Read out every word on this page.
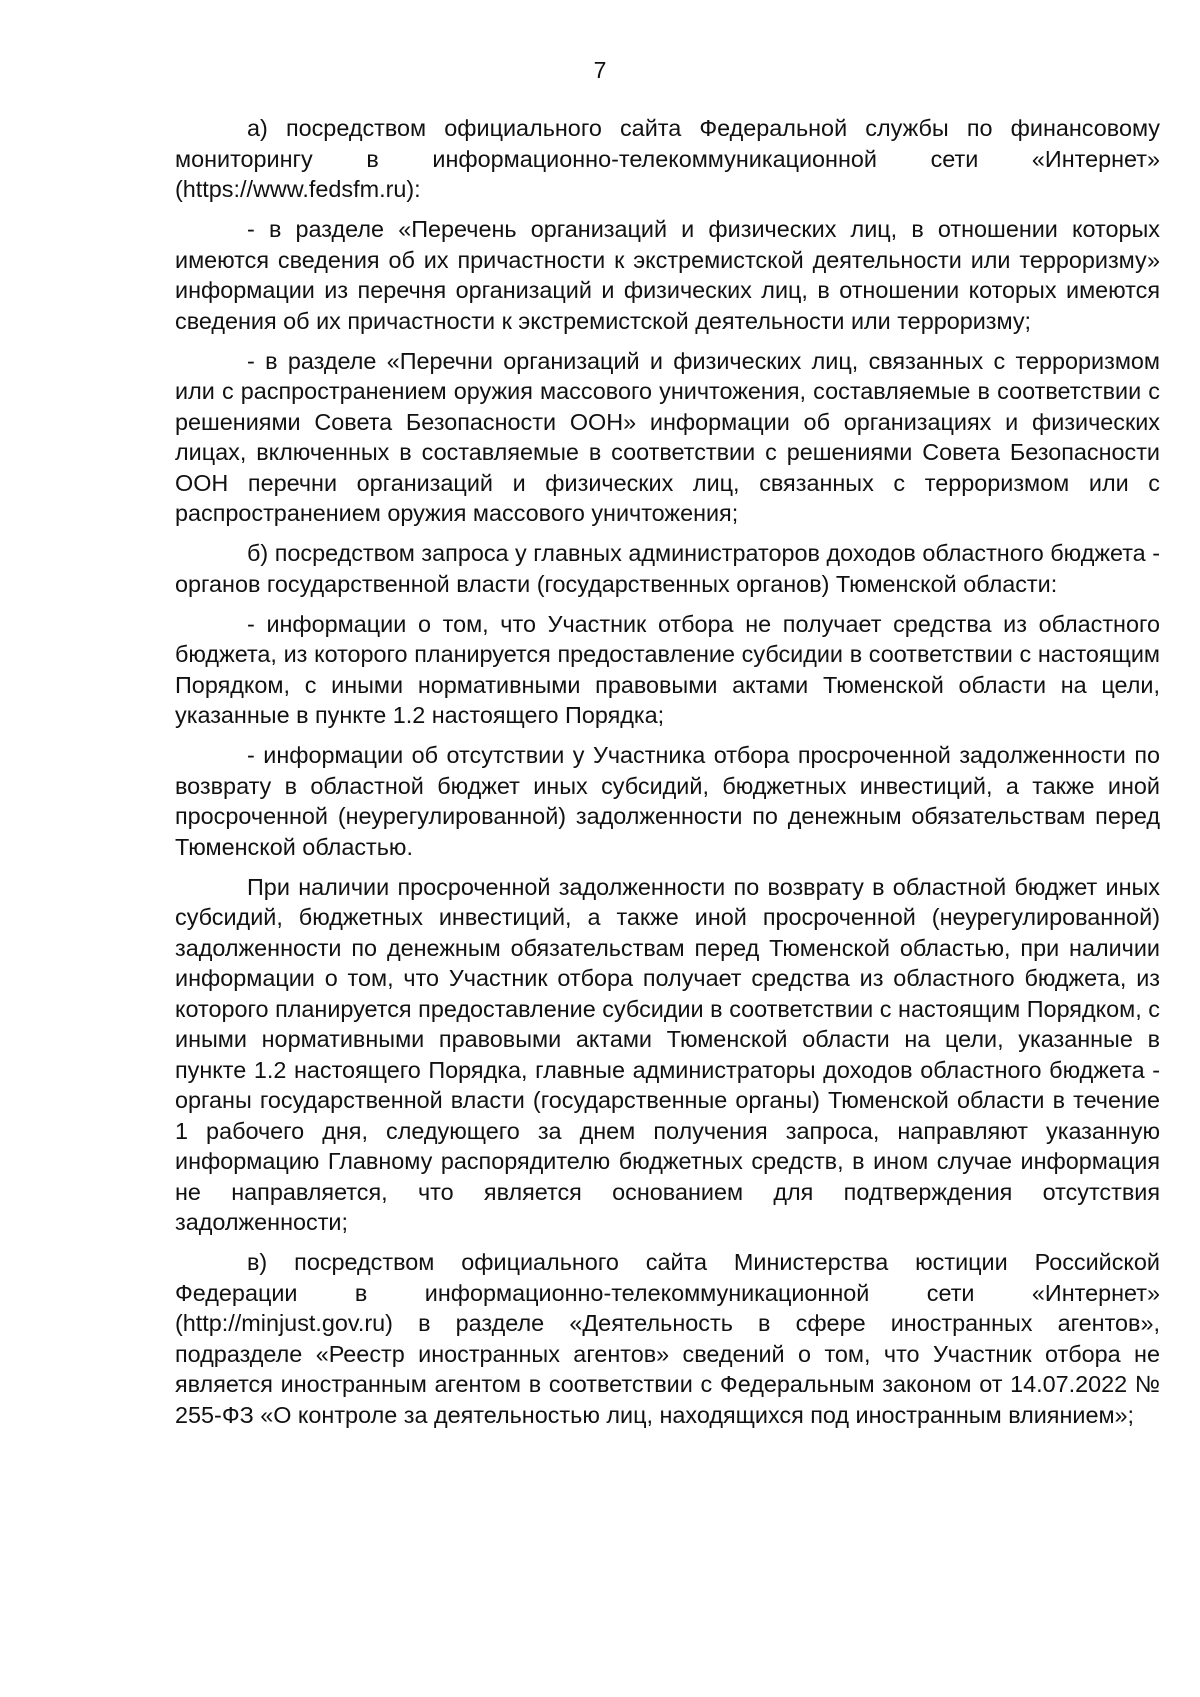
7

а) посредством официального сайта Федеральной службы по финансовому мониторингу в информационно-телекоммуникационной сети «Интернет» (https://www.fedsfm.ru):

- в разделе «Перечень организаций и физических лиц, в отношении которых имеются сведения об их причастности к экстремистской деятельности или терроризму» информации из перечня организаций и физических лиц, в отношении которых имеются сведения об их причастности к экстремистской деятельности или терроризму;

- в разделе «Перечни организаций и физических лиц, связанных с терроризмом или с распространением оружия массового уничтожения, составляемые в соответствии с решениями Совета Безопасности ООН» информации об организациях и физических лицах, включенных в составляемые в соответствии с решениями Совета Безопасности ООН перечни организаций и физических лиц, связанных с терроризмом или с распространением оружия массового уничтожения;

б) посредством запроса у главных администраторов доходов областного бюджета - органов государственной власти (государственных органов) Тюменской области:

- информации о том, что Участник отбора не получает средства из областного бюджета, из которого планируется предоставление субсидии в соответствии с настоящим Порядком, с иными нормативными правовыми актами Тюменской области на цели, указанные в пункте 1.2 настоящего Порядка;

- информации об отсутствии у Участника отбора просроченной задолженности по возврату в областной бюджет иных субсидий, бюджетных инвестиций, а также иной просроченной (неурегулированной) задолженности по денежным обязательствам перед Тюменской областью.

При наличии просроченной задолженности по возврату в областной бюджет иных субсидий, бюджетных инвестиций, а также иной просроченной (неурегулированной) задолженности по денежным обязательствам перед Тюменской областью, при наличии информации о том, что Участник отбора получает средства из областного бюджета, из которого планируется предоставление субсидии в соответствии с настоящим Порядком, с иными нормативными правовыми актами Тюменской области на цели, указанные в пункте 1.2 настоящего Порядка, главные администраторы доходов областного бюджета - органы государственной власти (государственные органы) Тюменской области в течение 1 рабочего дня, следующего за днем получения запроса, направляют указанную информацию Главному распорядителю бюджетных средств, в ином случае информация не направляется, что является основанием для подтверждения отсутствия задолженности;

в) посредством официального сайта Министерства юстиции Российской Федерации в информационно-телекоммуникационной сети «Интернет» (http://minjust.gov.ru) в разделе «Деятельность в сфере иностранных агентов», подразделе «Реестр иностранных агентов» сведений о том, что Участник отбора не является иностранным агентом в соответствии с Федеральным законом от 14.07.2022 № 255-ФЗ «О контроле за деятельностью лиц, находящихся под иностранным влиянием»;
